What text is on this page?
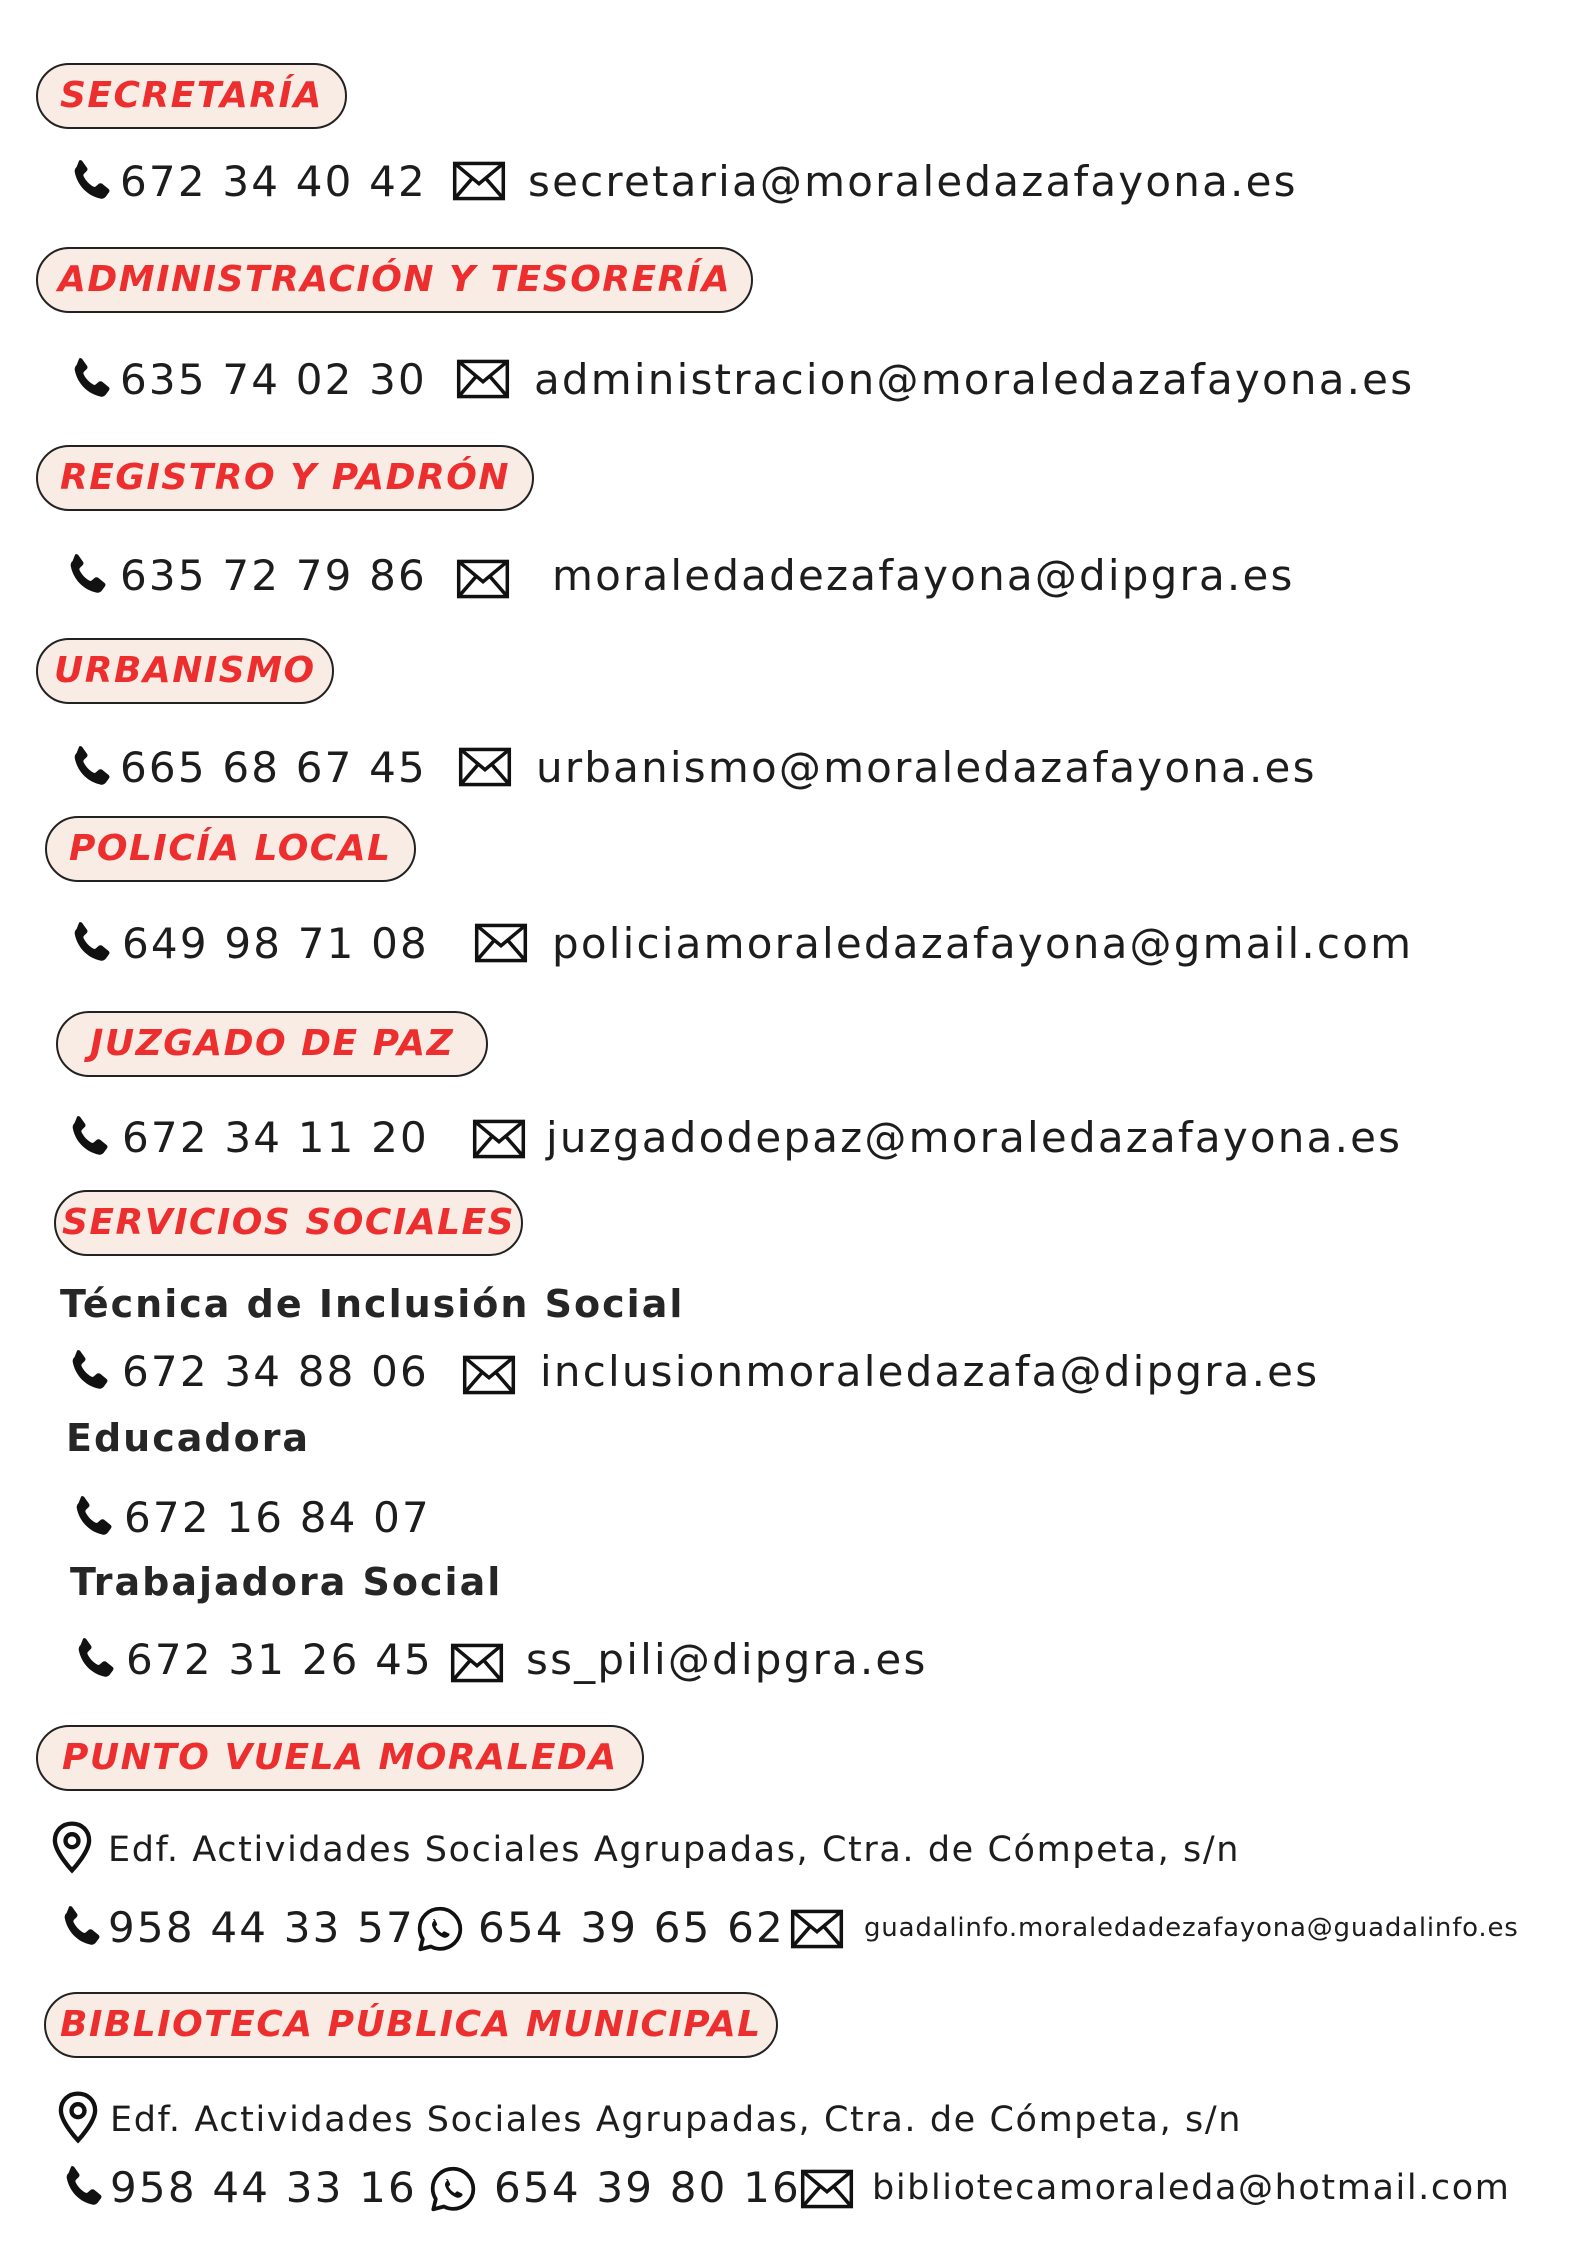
SECRETARÍA
672 34 40 42 secretaria@moraledazafayona.es
ADMINISTRACIÓN Y TESORERÍA
635 74 02 30	administracion@moraledazafayona.es
REGISTRO Y PADRÓN
635 72 79 86	moraledadezafayona@dipgra.es
URBANISMO
665 68 67 45	urbanismo@moraledazafayona.es
POLICÍA LOCAL
649 98 71 08	policiamoraledazafayona@gmail.com
JUZGADO DE PAZ
672 34 11 20	juzgadodepaz@moraledazafayona.es
SERVICIOS SOCIALES
Técnica de Inclusión Social
672 34 88 06	inclusionmoraledazafa@dipgra.es
Educadora
672 16 84 07
Trabajadora Social
672 31 26 45 ss_pili@dipgra.es
PUNTO VUELA MORALEDA
Edf. Actividades Sociales Agrupadas, Ctra. de Cómpeta, s/n
958 44 33 57 654 39 65 62	guadalinfo.moraledadezafayona@guadalinfo.es
BIBLIOTECA PÚBLICA MUNICIPAL
Edf. Actividades Sociales Agrupadas, Ctra. de Cómpeta, s/n
958 44 33 16 654 39 80 16 bibliotecamoraleda@hotmail.com
